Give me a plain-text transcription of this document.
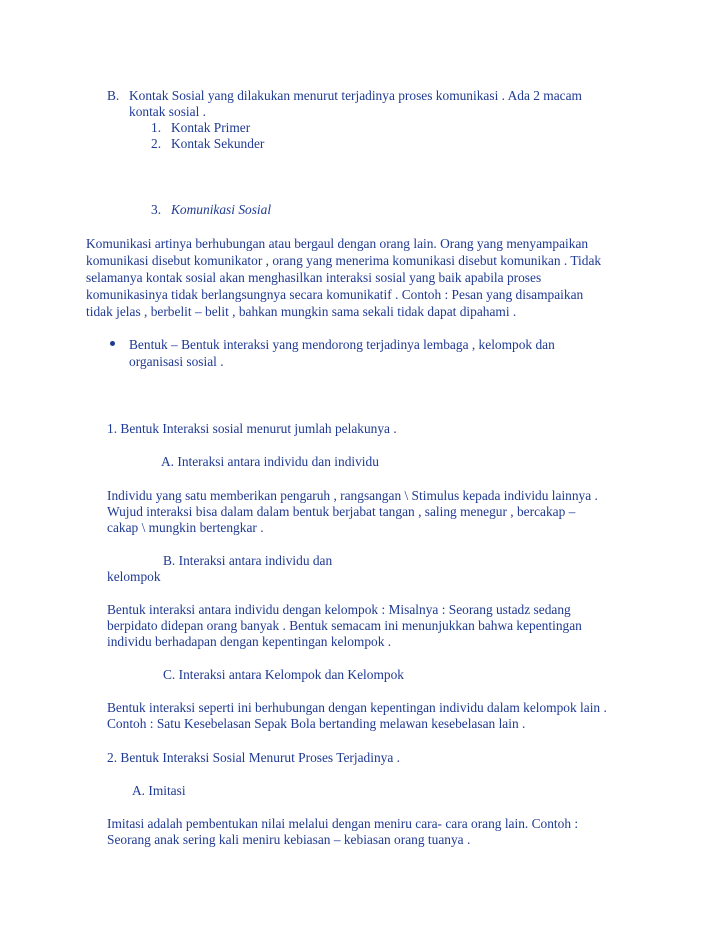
B. Kontak Sosial yang dilakukan menurut terjadinya proses komunikasi . Ada 2 macam
kontak sosial .
1. Kontak Primer
2. Kontak Sekunder
3. Komunikasi Sosial
Komunikasi artinya berhubungan atau bergaul dengan orang lain. Orang yang menyampaikan
komunikasi disebut komunikator , orang yang menerima komunikasi disebut komunikan . Tidak
selamanya kontak sosial akan menghasilkan interaksi sosial yang baik apabila proses
komunikasinya tidak berlangsungnya secara komunikatif . Contoh : Pesan yang disampaikan
tidak jelas , berbelit – belit , bahkan mungkin sama sekali tidak dapat dipahami .
Bentuk – Bentuk interaksi yang mendorong terjadinya lembaga , kelompok dan
organisasi sosial .
1. Bentuk Interaksi sosial menurut jumlah pelakunya .
A. Interaksi antara individu dan individu
Individu yang satu memberikan pengaruh , rangsangan \ Stimulus kepada individu lainnya .
Wujud interaksi bisa dalam dalam bentuk berjabat tangan , saling menegur , bercakap –
cakap \ mungkin bertengkar .
B. Interaksi antara individu dan
kelompok
Bentuk interaksi antara individu dengan kelompok : Misalnya : Seorang ustadz sedang
berpidato didepan orang banyak . Bentuk semacam ini menunjukkan bahwa kepentingan
individu berhadapan dengan kepentingan kelompok .
C. Interaksi antara Kelompok dan Kelompok
Bentuk interaksi seperti ini berhubungan dengan kepentingan individu dalam kelompok lain .
Contoh : Satu Kesebelasan Sepak Bola bertanding melawan kesebelasan lain .
2. Bentuk Interaksi Sosial Menurut Proses Terjadinya .
A. Imitasi
Imitasi adalah pembentukan nilai melalui dengan meniru cara- cara orang lain. Contoh :
Seorang anak sering kali meniru kebiasan – kebiasan orang tuanya .
